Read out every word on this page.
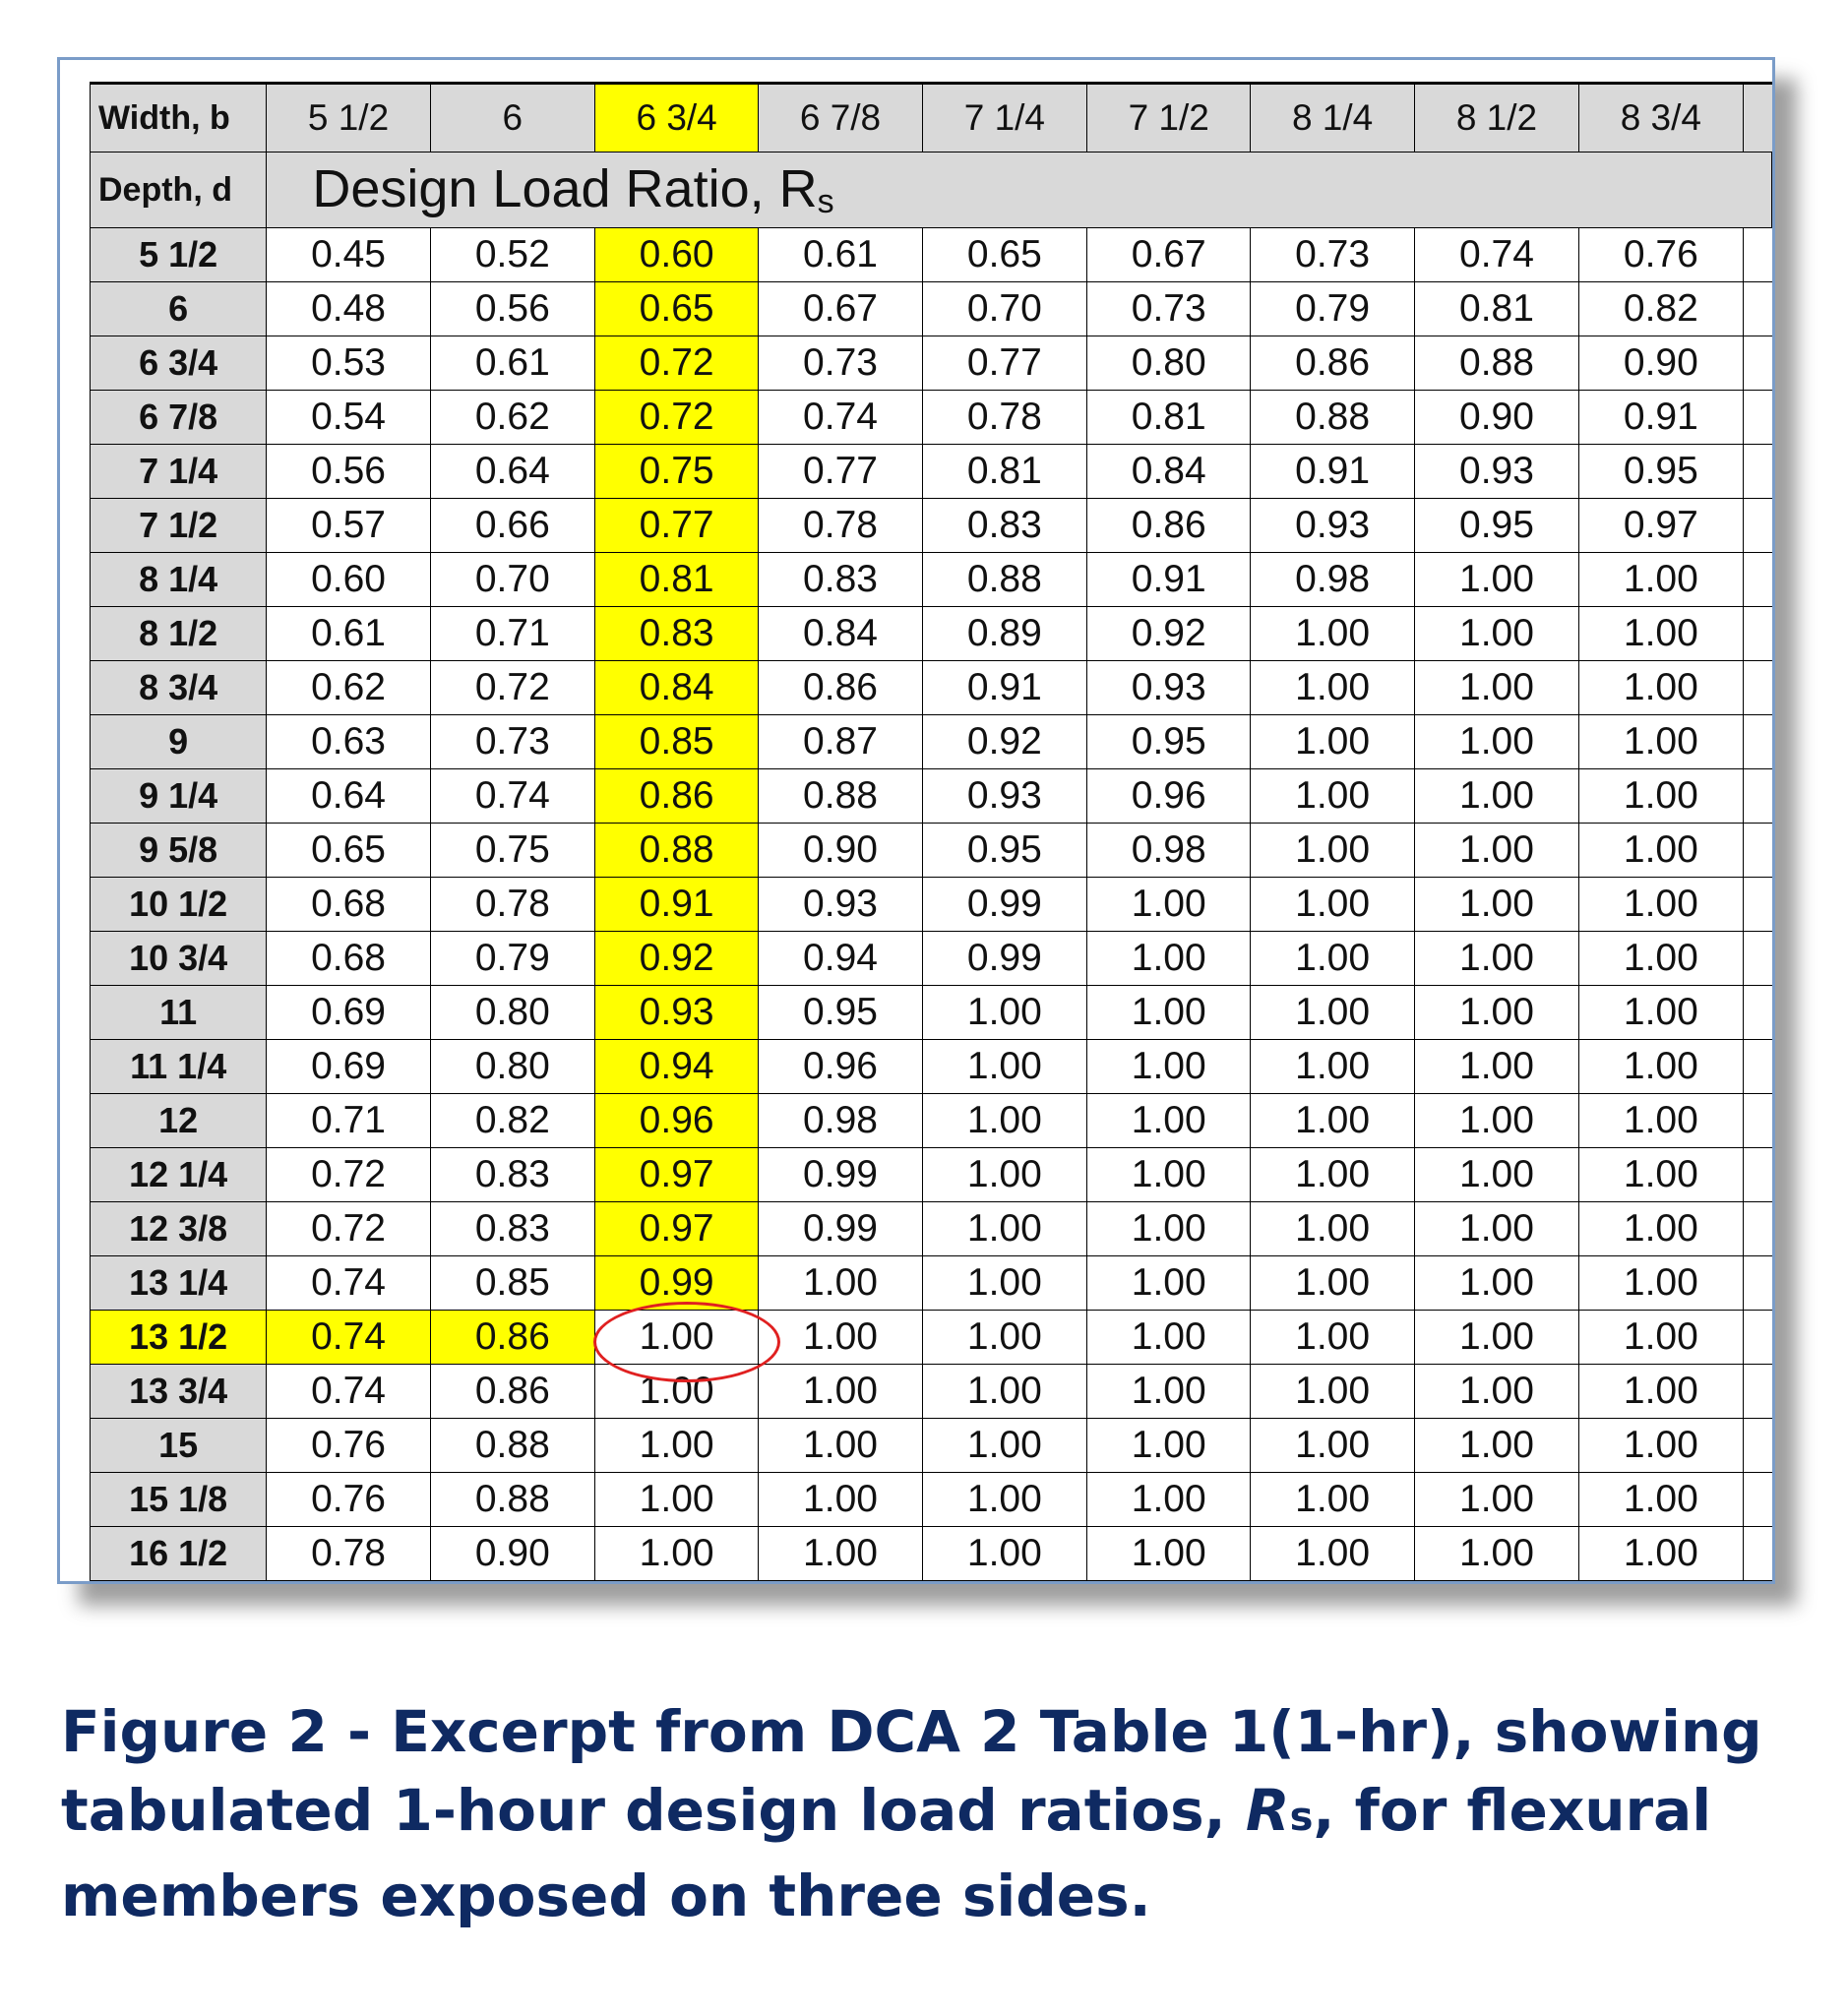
Width, b	5 1/2	6	6 3/4	6 7/8	7 1/4	7 1/2	8 1/4	8 1/2	8 3/4	
Depth, d	Design Load Ratio, $R_s$
5 1/2	0.45	0.52	0.60	0.61	0.65	0.67	0.73	0.74	0.76	
6	0.48	0.56	0.65	0.67	0.70	0.73	0.79	0.81	0.82	
6 3/4	0.53	0.61	0.72	0.73	0.77	0.80	0.86	0.88	0.90	
6 7/8	0.54	0.62	0.72	0.74	0.78	0.81	0.88	0.90	0.91	
7 1/4	0.56	0.64	0.75	0.77	0.81	0.84	0.91	0.93	0.95	
7 1/2	0.57	0.66	0.77	0.78	0.83	0.86	0.93	0.95	0.97	
8 1/4	0.60	0.70	0.81	0.83	0.88	0.91	0.98	1.00	1.00	
8 1/2	0.61	0.71	0.83	0.84	0.89	0.92	1.00	1.00	1.00	
8 3/4	0.62	0.72	0.84	0.86	0.91	0.93	1.00	1.00	1.00	
9	0.63	0.73	0.85	0.87	0.92	0.95	1.00	1.00	1.00	
9 1/4	0.64	0.74	0.86	0.88	0.93	0.96	1.00	1.00	1.00	
9 5/8	0.65	0.75	0.88	0.90	0.95	0.98	1.00	1.00	1.00	
10 1/2	0.68	0.78	0.91	0.93	0.99	1.00	1.00	1.00	1.00	
10 3/4	0.68	0.79	0.92	0.94	0.99	1.00	1.00	1.00	1.00	
11	0.69	0.80	0.93	0.95	1.00	1.00	1.00	1.00	1.00	
11 1/4	0.69	0.80	0.94	0.96	1.00	1.00	1.00	1.00	1.00	
12	0.71	0.82	0.96	0.98	1.00	1.00	1.00	1.00	1.00	
12 1/4	0.72	0.83	0.97	0.99	1.00	1.00	1.00	1.00	1.00	
12 3/8	0.72	0.83	0.97	0.99	1.00	1.00	1.00	1.00	1.00	
13 1/4	0.74	0.85	0.99	1.00	1.00	1.00	1.00	1.00	1.00	
13 1/2	0.74	0.86	1.00	1.00	1.00	1.00	1.00	1.00	1.00	
13 3/4	0.74	0.86	1.00	1.00	1.00	1.00	1.00	1.00	1.00	
15	0.76	0.88	1.00	1.00	1.00	1.00	1.00	1.00	1.00	
15 1/8	0.76	0.88	1.00	1.00	1.00	1.00	1.00	1.00	1.00	
16 1/2	0.78	0.90	1.00	1.00	1.00	1.00	1.00	1.00	1.00	

Figure 2 - Excerpt from DCA 2 Table 1(1-hr), showing tabulated 1-hour design load ratios, Rs, for flexural members exposed on three sides.
